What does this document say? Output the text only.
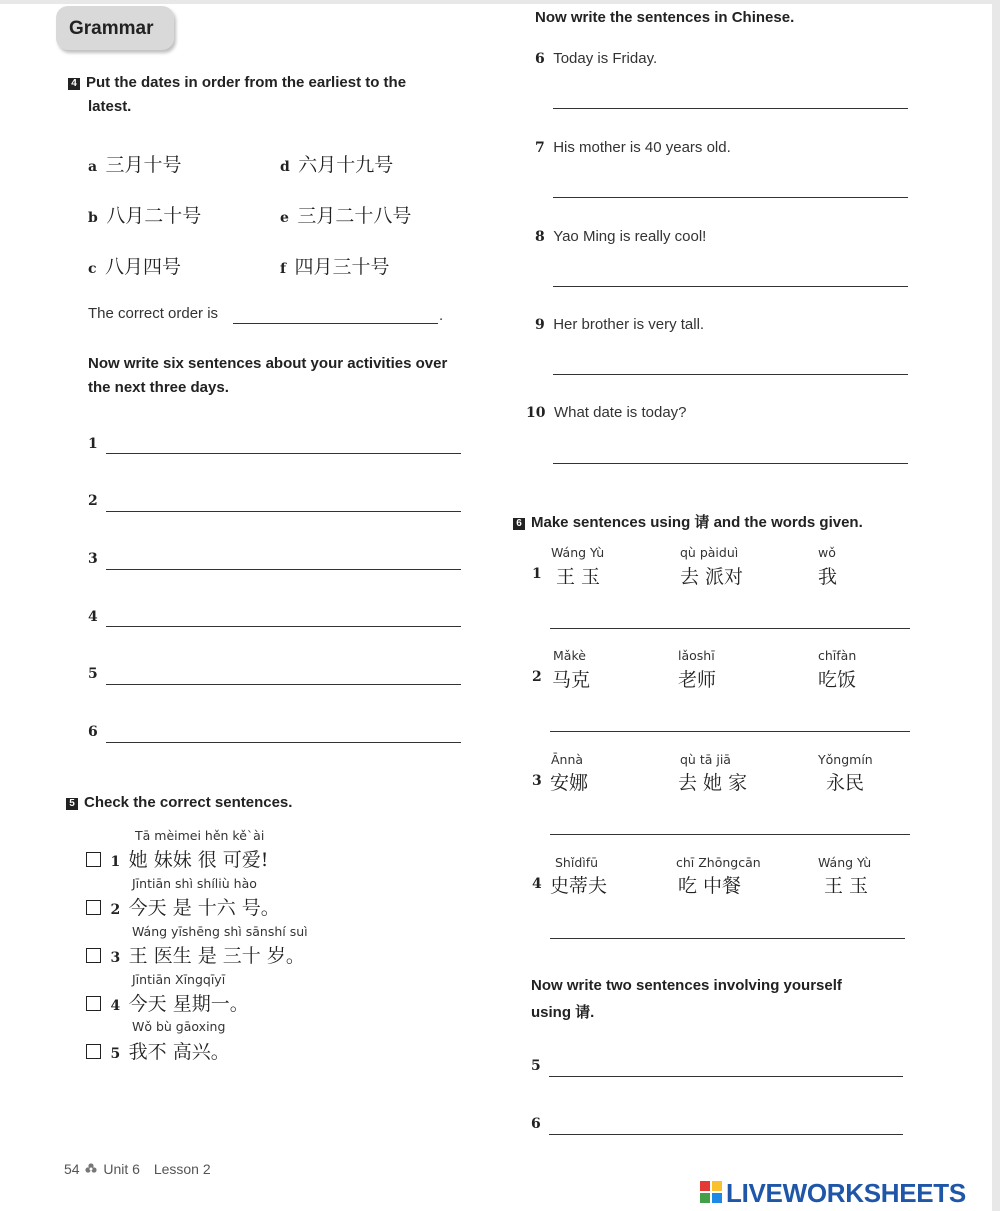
Grammar
4 Put the dates in order from the earliest to the
latest.
a 三月十号	d 六月十九号
b 八月二十号	e 三月二十八号
c 八月四号	f 四月三十号
The correct order is	.
Now write six sentences about your activities over
the next three days.
1
2
3
4
5
6
5 Check the correct sentences.
Tā mèimei hěn kě`ài
1 她 妹妹 很 可爱!
Jīntiān shì shíliù hào
2 今天 是 十六 号。
Wáng yīshēng shì sānshí suì
3 王 医生 是 三十 岁。
Jīntiān Xīngqīyī
4 今天 星期一。
Wǒ bù gāoxing
5 我不 高兴。
Now write the sentences in Chinese.
6 Today is Friday.
7 His mother is 40 years old.
8 Yao Ming is really cool!
9 Her brother is very tall.
10 What date is today?
6 Make sentences using 请 and the words given.
Wáng Yù	qù pàiduì	wǒ
1 王 玉	去 派对	我
Mǎkè	lǎoshī	chīfàn
2 马克	老师	吃饭
Ānnà	qù tā jiā	Yǒngmín
3 安娜	去 她 家	永民
Shǐdìfū	chī Zhōngcān	Wáng Yù
4 史蒂夫	吃 中餐	王 玉
Now write two sentences involving yourself
using 请.
5
6
54 Unit 6 Lesson 2
LIVEWORKSHEETS
